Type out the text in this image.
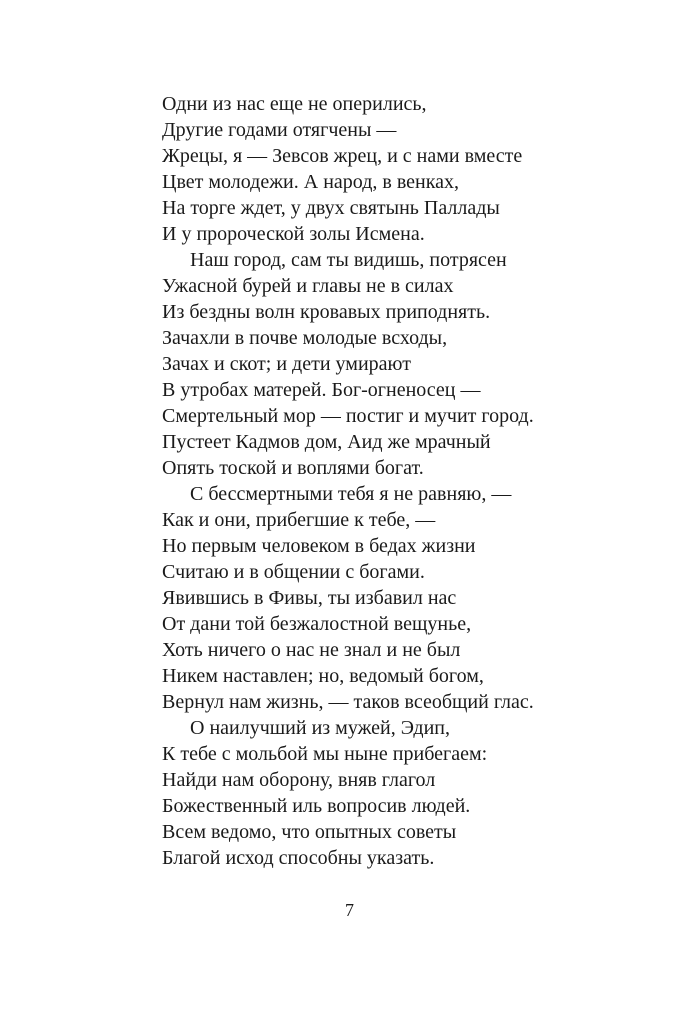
Одни из нас еще не оперились,
Другие годами отягчены —
Жрецы, я — Зевсов жрец, и с нами вместе
Цвет молодежи. А народ, в венках,
На торге ждет, у двух святынь Паллады
И у пророческой золы Исмена.
Наш город, сам ты видишь, потрясен
Ужасной бурей и главы не в силах
Из бездны волн кровавых приподнять.
Зачахли в почве молодые всходы,
Зачах и скот; и дети умирают
В утробах матерей. Бог-огненосец —
Смертельный мор — постиг и мучит город.
Пустеет Кадмов дом, Аид же мрачный
Опять тоской и воплями богат.
С бессмертными тебя я не равняю, —
Как и они, прибегшие к тебе, —
Но первым человеком в бедах жизни
Считаю и в общении с богами.
Явившись в Фивы, ты избавил нас
От дани той безжалостной вещунье,
Хоть ничего о нас не знал и не был
Никем наставлен; но, ведомый богом,
Вернул нам жизнь, — таков всеобщий глас.
О наилучший из мужей, Эдип,
К тебе с мольбой мы ныне прибегаем:
Найди нам оборону, вняв глагол
Божественный иль вопросив людей.
Всем ведомо, что опытных советы
Благой исход способны указать.
7
